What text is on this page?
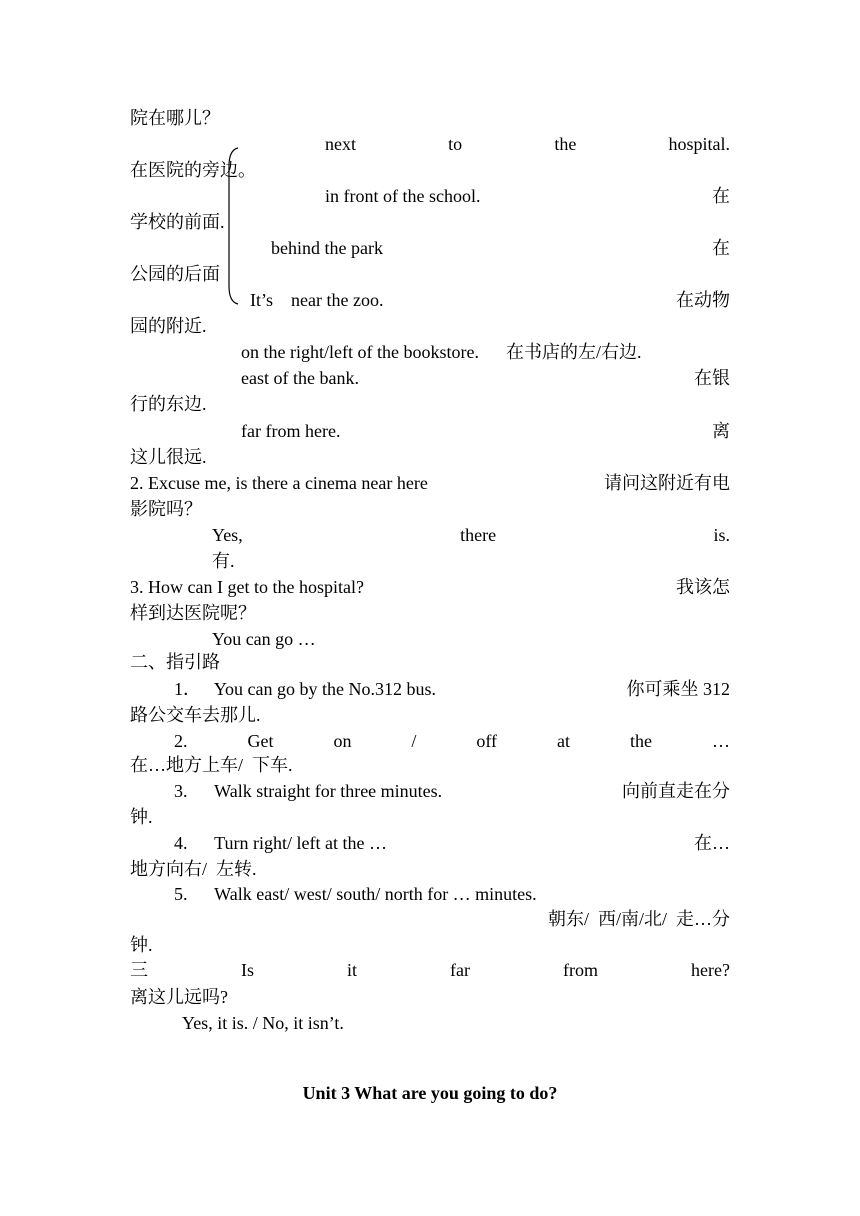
院在哪儿？
next	to	the	hospital.
在医院的旁边。
in front of the school.	在
学校的前面.
behind the park	在
公园的后面
It’s    near the zoo.	在动物
园的附近.
on the right/left of the bookstore.      在书店的左/右边.
east of the bank.	在银
行的东边.
far from here.	离
这儿很远.
2. Excuse me, is there a cinema near here	请问这附近有电
影院吗？
Yes,	there	is.
有.
3. How can I get to the hospital?	我该怎
样到达医院呢？
You can go …
二、指引路
1．   You can go by the No.312 bus.	你可乘坐 312
路公交车去那儿.
2.	Get	on	/	off	at	the	…
在…地方上车/  下车.
3.      Walk straight for three minutes.	向前直走在分
钟.
4.      Turn right/ left at the …	在…
地方向右/  左转.
5.      Walk east/ west/ south/ north for … minutes.
朝东/  西/南/北/  走…分
钟.
三	Is	it	far	from	here?
离这儿远吗?
Yes, it is. / No, it isn’t.
Unit 3 What are you going to do?
